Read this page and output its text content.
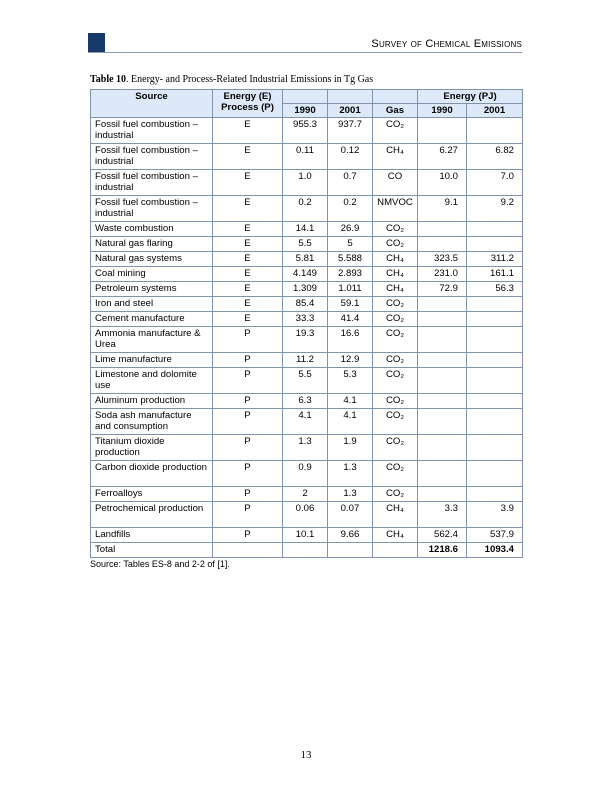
Survey of Chemical Emissions
Table 10. Energy- and Process-Related Industrial Emissions in Tg Gas
Source	Energy (E)
Process (P)				Energy (PJ)	
		1990	2001	Gas	1990	2001
Fossil fuel combustion – industrial	E	955.3	937.7	CO₂		
Fossil fuel combustion – industrial	E	0.11	0.12	CH₄	6.27	6.82
Fossil fuel combustion – industrial	E	1.0	0.7	CO	10.0	7.0
Fossil fuel combustion – industrial	E	0.2	0.2	NMVOC	9.1	9.2
Waste combustion	E	14.1	26.9	CO₂		
Natural gas flaring	E	5.5	5	CO₂		
Natural gas systems	E	5.81	5.588	CH₄	323.5	311.2
Coal mining	E	4.149	2.893	CH₄	231.0	161.1
Petroleum systems	E	1.309	1.011	CH₄	72.9	56.3
Iron and steel	E	85.4	59.1	CO₂		
Cement manufacture	E	33.3	41.4	CO₂		
Ammonia manufacture & Urea	P	19.3	16.6	CO₂		
Lime manufacture	P	11.2	12.9	CO₂		
Limestone and dolomite use	P	5.5	5.3	CO₂		
Aluminum production	P	6.3	4.1	CO₂		
Soda ash manufacture and consumption	P	4.1	4.1	CO₂		
Titanium dioxide production	P	1.3	1.9	CO₂		
Carbon dioxide production	P	0.9	1.3	CO₂		
Ferroalloys	P	2	1.3	CO₂		
Petrochemical production	P	0.06	0.07	CH₄	3.3	3.9
Landfills	P	10.1	9.66	CH₄	562.4	537.9
Total					1218.6	1093.4
Source: Tables ES-8 and 2-2 of [1].
13
